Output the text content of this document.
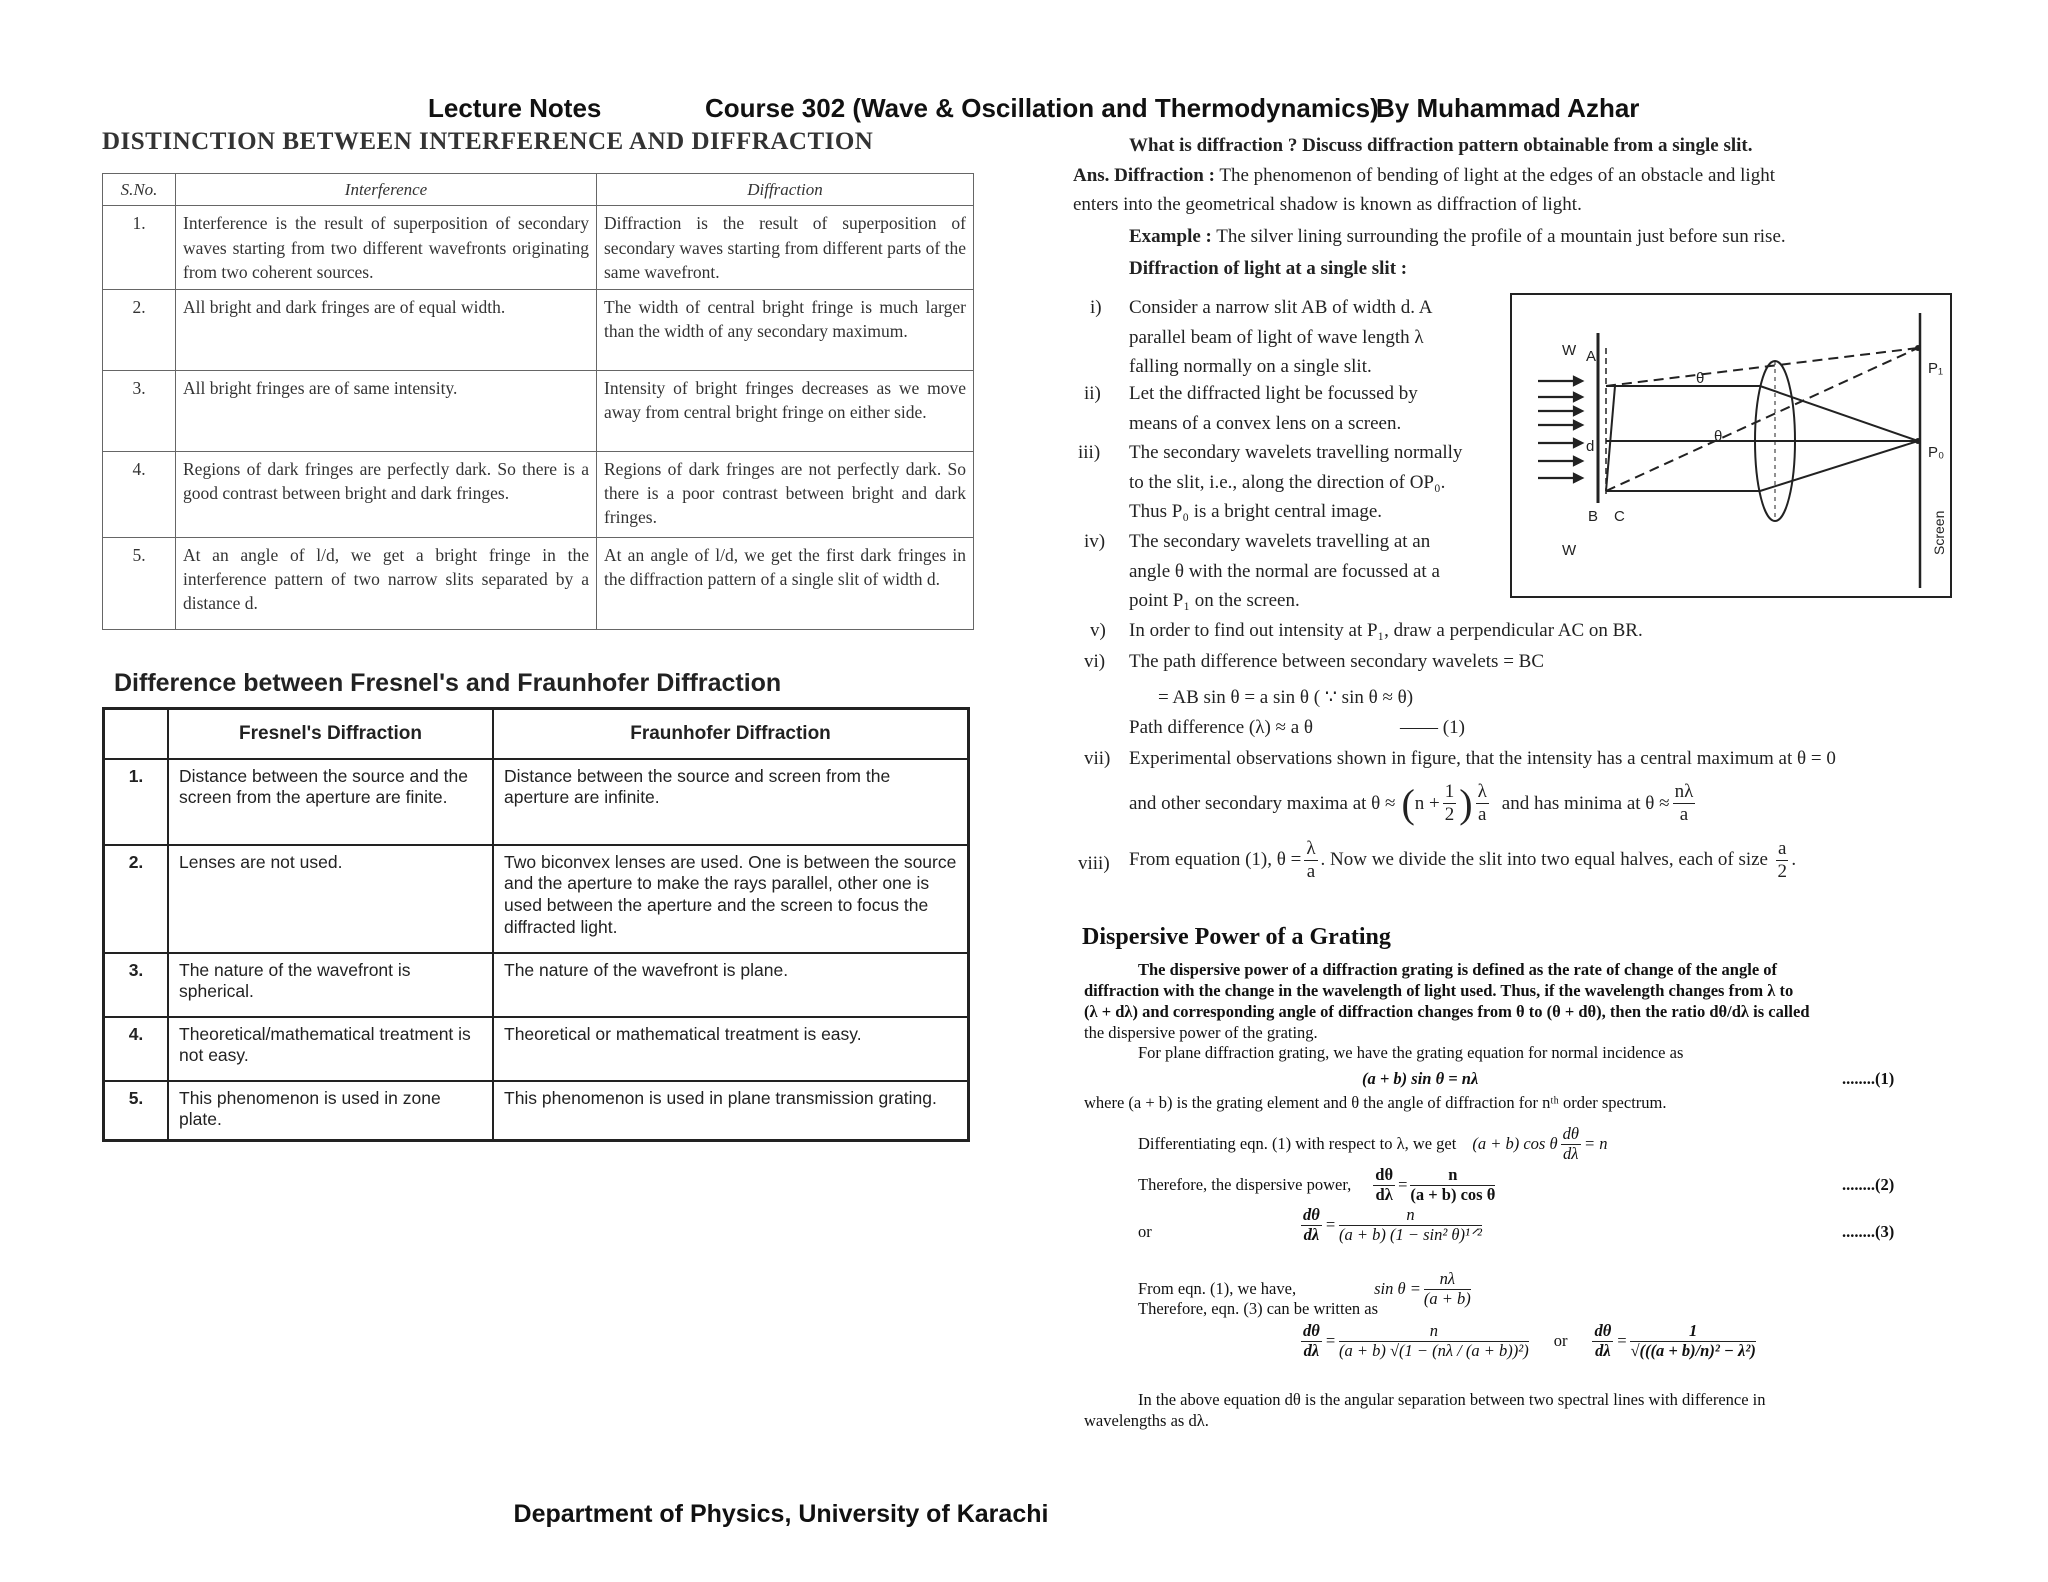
Lecture Notes	Course 302 (Wave & Oscillation and Thermodynamics)
By Muhammad Azhar
DISTINCTION BETWEEN INTERFERENCE AND DIFFRACTION
S.No.	Interference	Diffraction
1.	Interference is the result of superposition of secondary waves starting from two different wavefronts originating from two coherent sources.	Diffraction is the result of superposition of secondary waves starting from different parts of the same wavefront.
2.	All bright and dark fringes are of equal width.	The width of central bright fringe is much larger than the width of any secondary maximum.
3.	All bright fringes are of same intensity.	Intensity of bright fringes decreases as we move away from central bright fringe on either side.
4.	Regions of dark fringes are perfectly dark. So there is a good contrast between bright and dark fringes.	Regions of dark fringes are not perfectly dark. So there is a poor contrast between bright and dark fringes.
5.	At an angle of l/d, we get a bright fringe in the interference pattern of two narrow slits separated by a distance d.	At an angle of l/d, we get the first dark fringes in the diffraction pattern of a single slit of width d.
Difference between Fresnel's and Fraunhofer Diffraction
	Fresnel's Diffraction	Fraunhofer Diffraction
1.	Distance between the source and the screen from the aperture are finite.	Distance between the source and screen from the aperture are infinite.
2.	Lenses are not used.	Two biconvex lenses are used. One is between the source and the aperture to make the rays parallel, other one is used between the aperture and the screen to focus the diffracted light.
3.	The nature of the wavefront is spherical.	The nature of the wavefront is plane.
4.	Theoretical/mathematical treatment is not easy.	Theoretical or mathematical treatment is easy.
5.	This phenomenon is used in zone plate.	This phenomenon is used in plane transmission grating.
What is diffraction ? Discuss diffraction pattern obtainable from a single slit.
Ans. Diffraction : The phenomenon of bending of light at the edges of an obstacle and light
enters into the geometrical shadow is known as diffraction of light.
Example : The silver lining surrounding the profile of a mountain just before sun rise.
Diffraction of light at a single slit :
i) Consider a narrow slit AB of width d. A
parallel beam of light of wave length λ
falling normally on a single slit.
ii) Let the diffracted light be focussed by
means of a convex lens on a screen.
iii) The secondary wavelets travelling normally
to the slit, i.e., along the direction of OP₀.
Thus P₀ is a bright central image.
iv) The secondary wavelets travelling at an
angle θ with the normal are focussed at a
point P₁ on the screen.
v) In order to find out intensity at P₁, draw a perpendicular AC on BR.
vi) The path difference between secondary wavelets = BC
= AB sin θ = a sin θ ( ∵ sin θ ≈ θ)
Path difference (λ) ≈ a θ	—— (1)
vii) Experimental observations shown in figure, that the intensity has a central maximum at θ = 0
and other secondary maxima at θ ≈ ( $n + \frac{1}{2}$ ) $\frac{\lambda}{a}$ and has minima at $\theta \approx \frac{n\lambda}{a}$
viii) From equation (1), $\theta = \frac{\lambda}{a}$ . Now we divide the slit into two equal halves, each of size $\frac{a}{2}$ .
W
W
A
B C
d
θ
θ
P₁
P₀
Screen
Dispersive Power of a Grating
The dispersive power of a diffraction grating is defined as the rate of change of the angle of
diffraction with the change in the wavelength of light used. Thus, if the wavelength changes from λ to
(λ + dλ) and corresponding angle of diffraction changes from θ to (θ + dθ), then the ratio dθ/dλ is called
the dispersive power of the grating.
For plane diffraction grating, we have the grating equation for normal incidence as
(a + b) sin θ = nλ	........(1)
where (a + b) is the grating element and θ the angle of diffraction for nᵗʰ order spectrum.
Differentiating eqn. (1) with respect to λ, we get (a + b) cos θ $\frac{d\theta}{d\lambda} = n$
Therefore, the dispersive power, $\frac{d\theta}{d\lambda} = \frac{n}{\text{(a + b) cos θ}}$	........(2)
or	$\frac{d\theta}{d\lambda} = \frac{n}{\text{(a + b) (1 − sin² θ)¹ᐟ²}}$	........(3)
From eqn. (1), we have,	$\sin \theta = \frac{n\lambda}{(a + b)}$
Therefore, eqn. (3) can be written as
$\frac{d\theta}{d\lambda} = \frac{n}{\text{(a + b) √(1 − (nλ / (a + b))²)}}$ or $\frac{d\theta}{d\lambda} = \frac{1}{\text{√(((a + b)/n)² − λ²)}}$
In the above equation dθ is the angular separation between two spectral lines with difference in
wavelengths as dλ.
Department of Physics, University of Karachi
